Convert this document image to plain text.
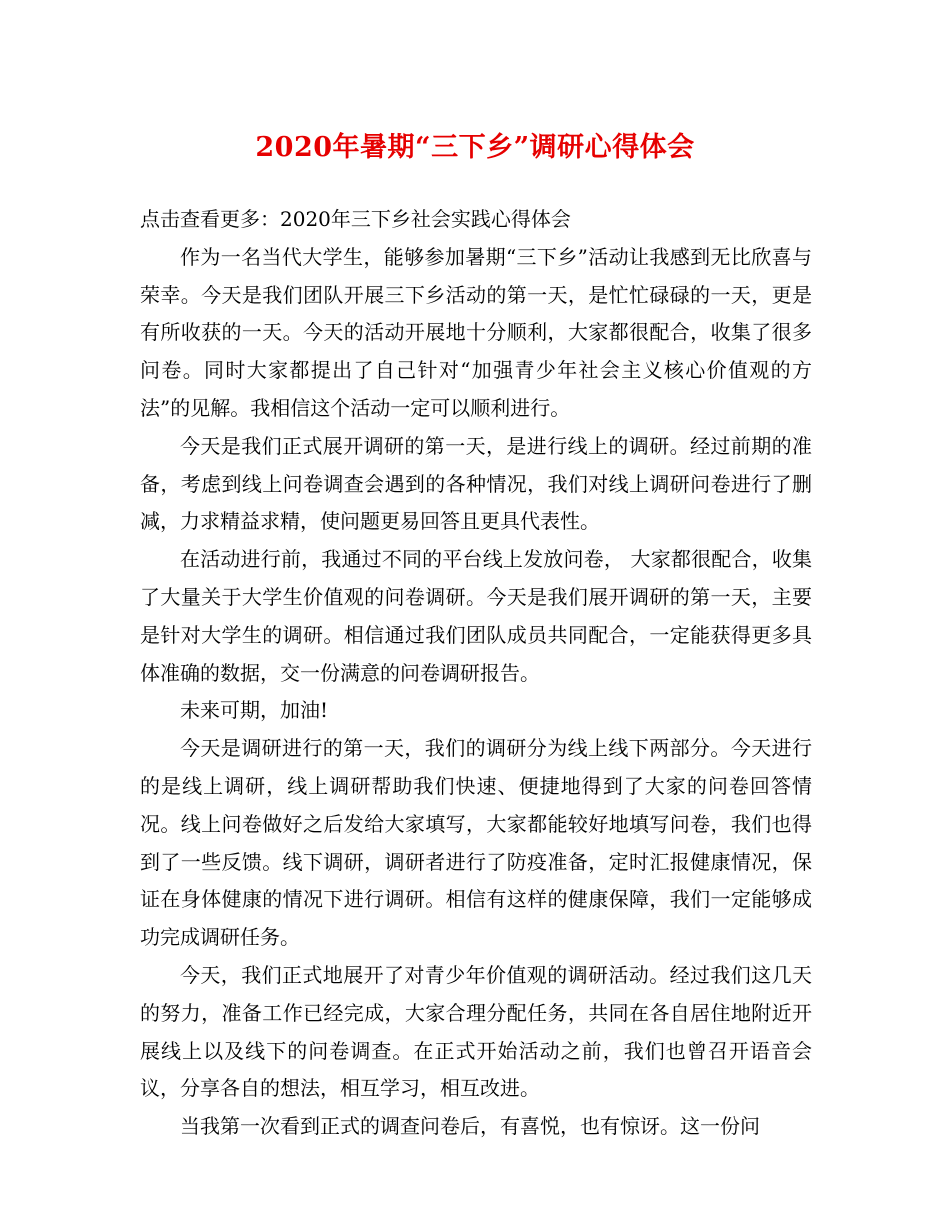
2020年暑期“三下乡”调研心得体会

点击查看更多：2020年三下乡社会实践心得体会

作为一名当代大学生，能够参加暑期“三下乡”活动让我感到无比欣喜与荣幸。今天是我们团队开展三下乡活动的第一天，是忙忙碌碌的一天，更是有所收获的一天。今天的活动开展地十分顺利，大家都很配合，收集了很多问卷。同时大家都提出了自己针对“加强青少年社会主义核心价值观的方法”的见解。我相信这个活动一定可以顺利进行。

今天是我们正式展开调研的第一天，是进行线上的调研。经过前期的准备，考虑到线上问卷调查会遇到的各种情况，我们对线上调研问卷进行了删减，力求精益求精，使问题更易回答且更具代表性。

在活动进行前，我通过不同的平台线上发放问卷， 大家都很配合，收集了大量关于大学生价值观的问卷调研。今天是我们展开调研的第一天，主要是针对大学生的调研。相信通过我们团队成员共同配合，一定能获得更多具体准确的数据，交一份满意的问卷调研报告。

未来可期，加油!

今天是调研进行的第一天，我们的调研分为线上线下两部分。今天进行的是线上调研，线上调研帮助我们快速、便捷地得到了大家的问卷回答情况。线上问卷做好之后发给大家填写，大家都能较好地填写问卷，我们也得到了一些反馈。线下调研，调研者进行了防疫准备，定时汇报健康情况，保证在身体健康的情况下进行调研。相信有这样的健康保障，我们一定能够成功完成调研任务。

今天，我们正式地展开了对青少年价值观的调研活动。经过我们这几天的努力，准备工作已经完成，大家合理分配任务，共同在各自居住地附近开展线上以及线下的问卷调查。在正式开始活动之前，我们也曾召开语音会议，分享各自的想法，相互学习，相互改进。

当我第一次看到正式的调查问卷后，有喜悦，也有惊讶。这一份问
